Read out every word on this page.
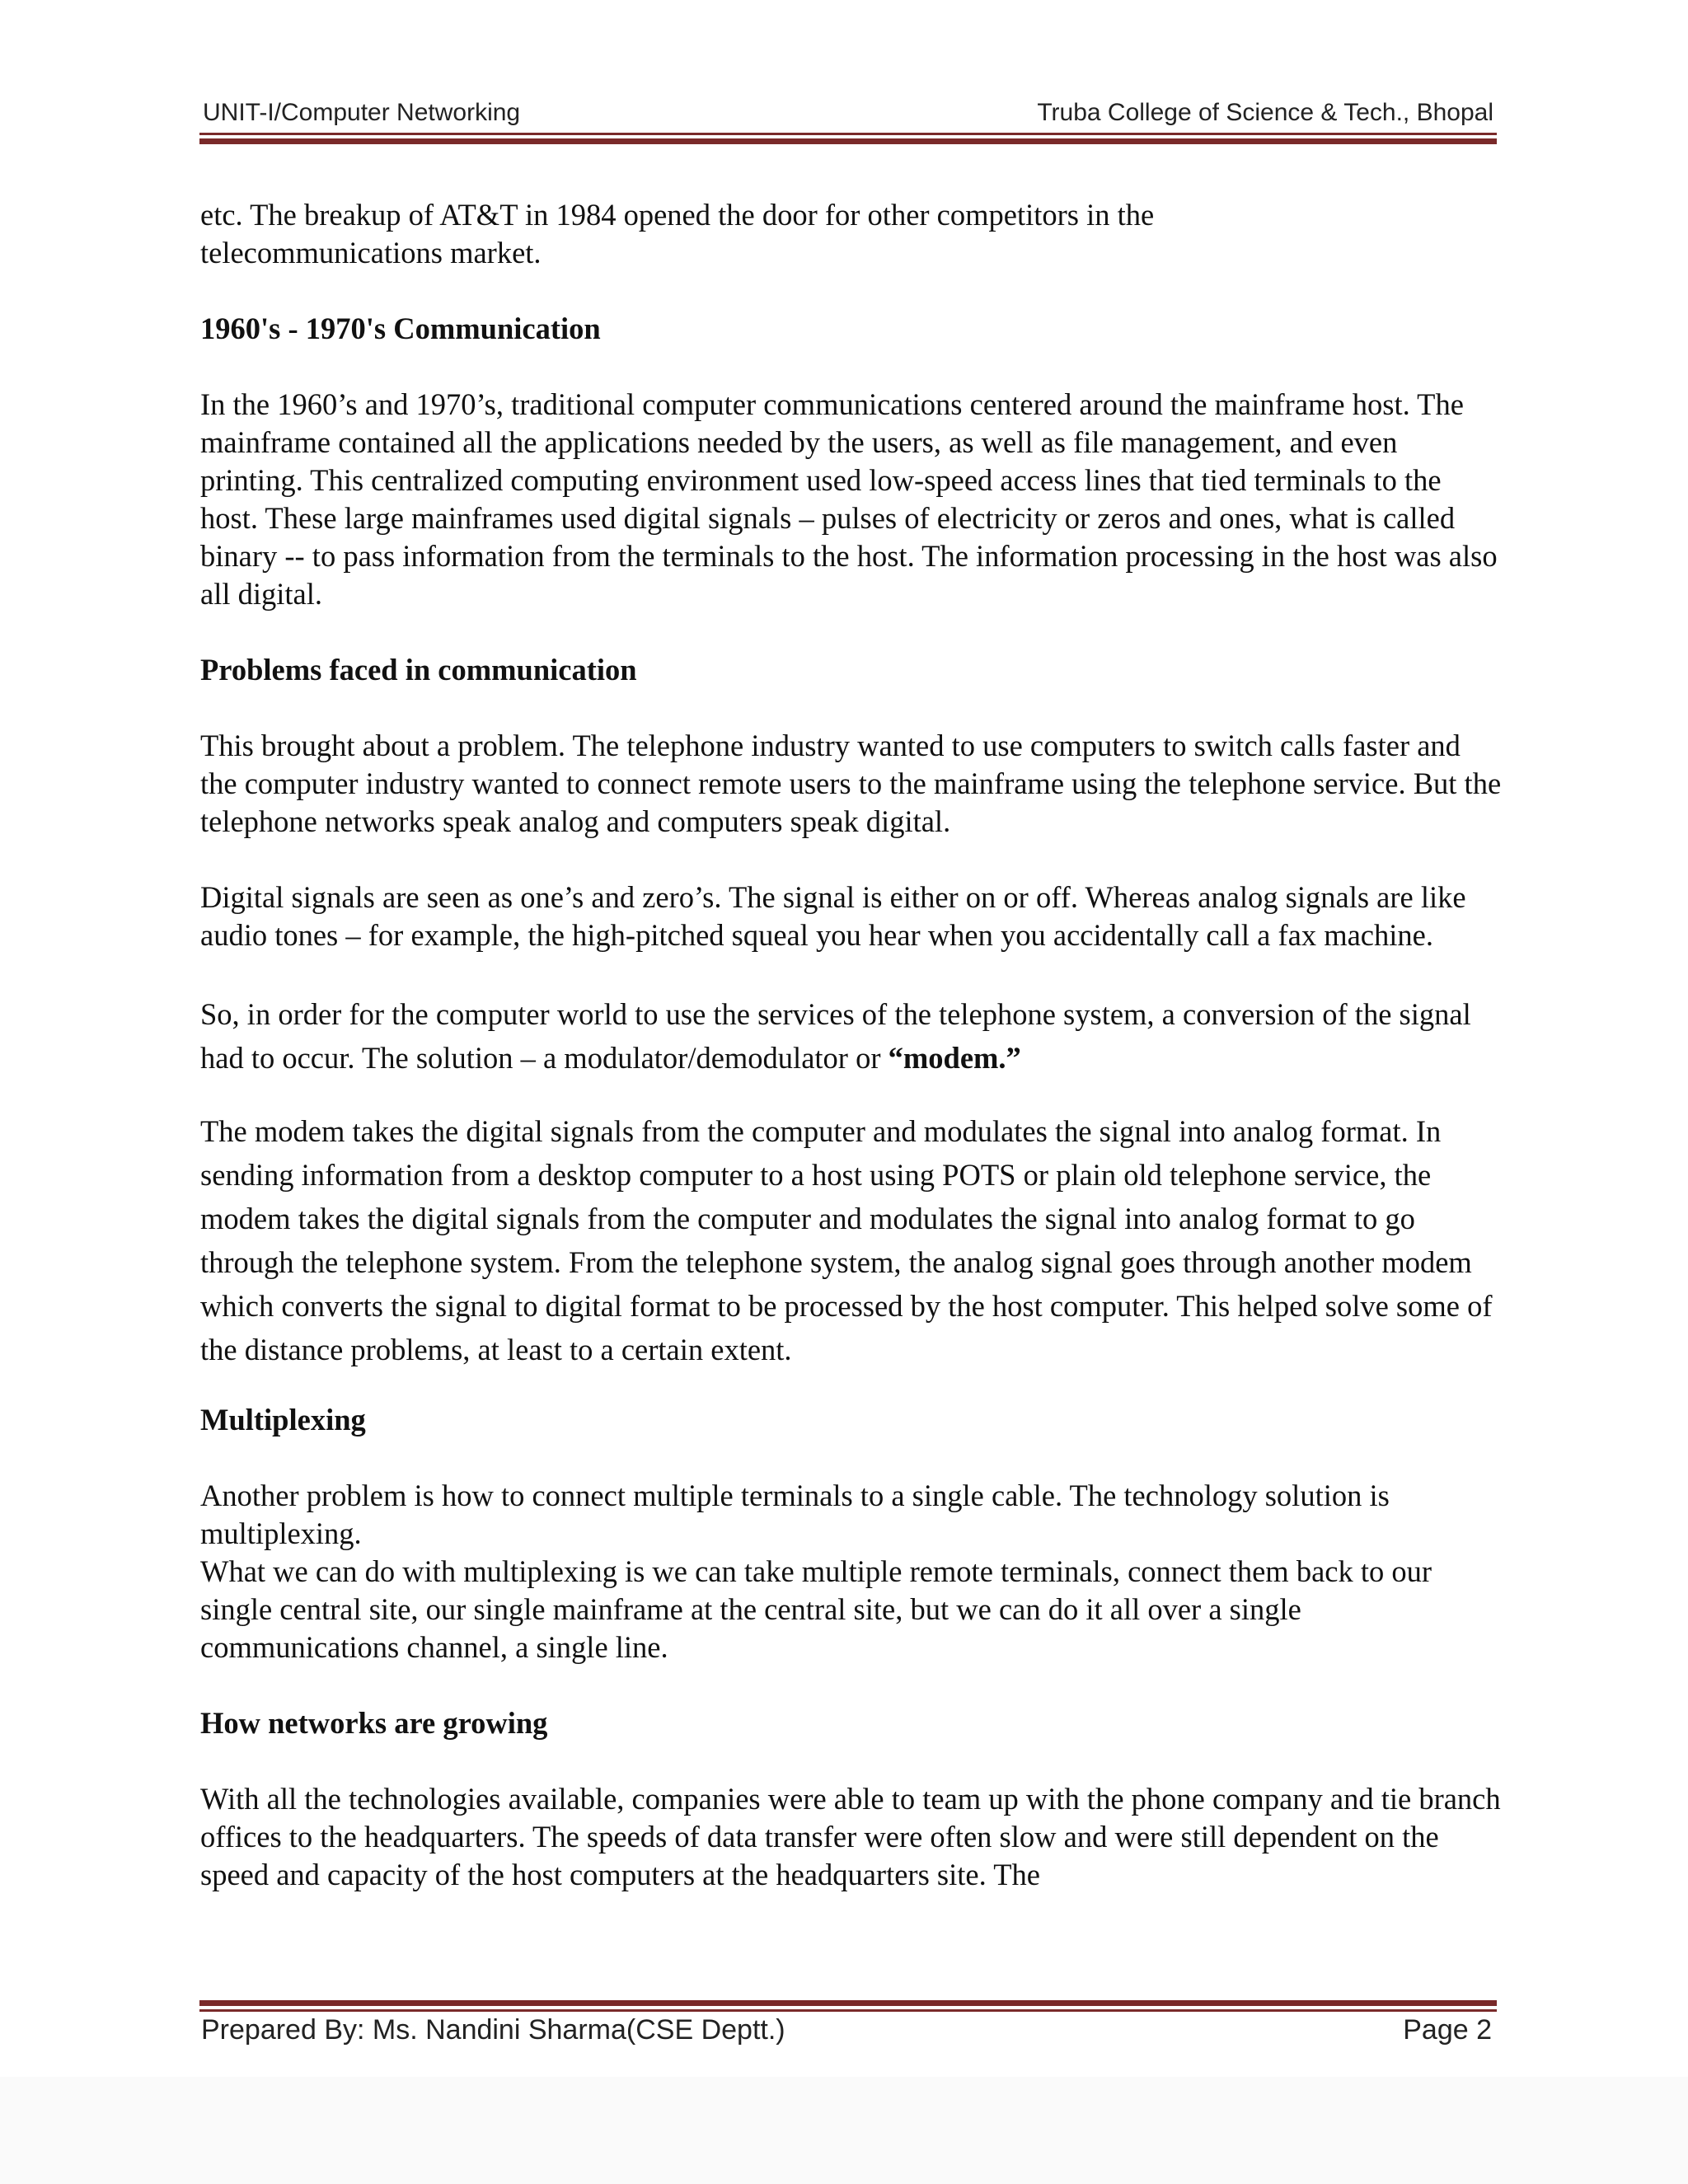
UNIT-I/Computer Networking	Truba College of Science & Tech., Bhopal

etc. The breakup of AT&T in 1984 opened the door for other competitors in the

telecommunications market.

1960's - 1970's Communication

In the 1960’s and 1970’s, traditional computer communications centered around the mainframe host. The mainframe contained all the applications needed by the users, as well as file management, and even printing. This centralized computing environment used low-speed access lines that tied terminals to the host. These large mainframes used digital signals – pulses of electricity or zeros and ones, what is called binary -- to pass information from the terminals to the host. The information processing in the host was also all digital.

Problems faced in communication

This brought about a problem. The telephone industry wanted to use computers to switch calls faster and the computer industry wanted to connect remote users to the mainframe using the telephone service. But the telephone networks speak analog and computers speak digital.

Digital signals are seen as one’s and zero’s. The signal is either on or off. Whereas analog signals are like audio tones – for example, the high-pitched squeal you hear when you accidentally call a fax machine.

So, in order for the computer world to use the services of the telephone system, a conversion of the signal had to occur. The solution – a modulator/demodulator or “modem.”

The modem takes the digital signals from the computer and modulates the signal into analog format. In sending information from a desktop computer to a host using POTS or plain old telephone service, the modem takes the digital signals from the computer and modulates the signal into analog format to go through the telephone system. From the telephone system, the analog signal goes through another modem which converts the signal to digital format to be processed by the host computer. This helped solve some of the distance problems, at least to a certain extent.

Multiplexing

Another problem is how to connect multiple terminals to a single cable. The technology solution is multiplexing.

What we can do with multiplexing is we can take multiple remote terminals, connect them back to our single central site, our single mainframe at the central site, but we can do it all over a single communications channel, a single line.

How networks are growing

With all the technologies available, companies were able to team up with the phone company and tie branch offices to the headquarters. The speeds of data transfer were often slow and were still dependent on the speed and capacity of the host computers at the headquarters site. The

Prepared By: Ms. Nandini Sharma(CSE Deptt.)	Page 2
